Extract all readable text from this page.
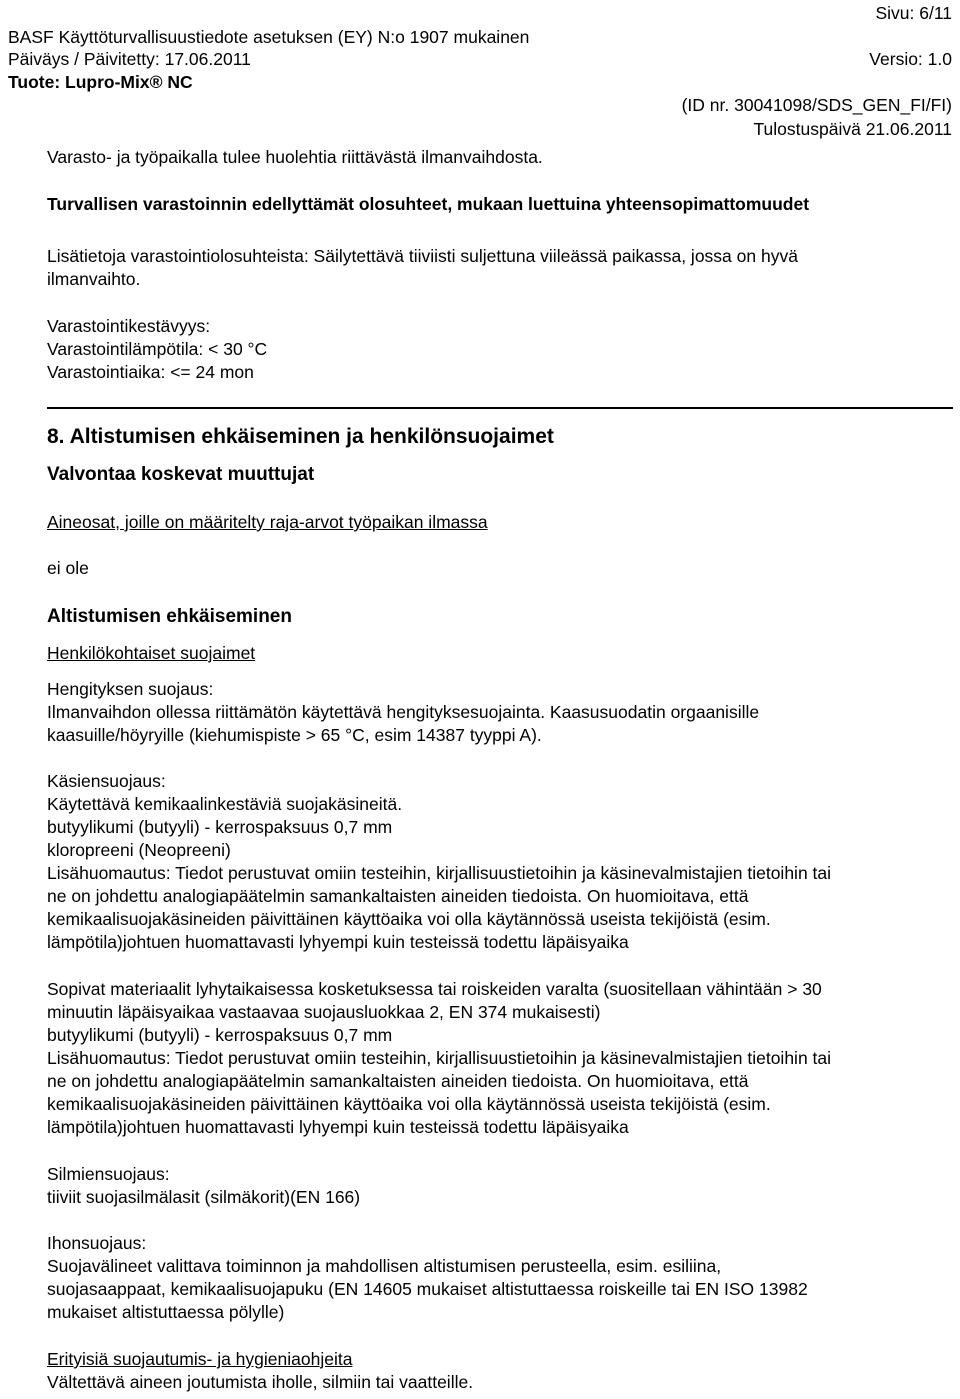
Sivu: 6/11
BASF Käyttöturvallisuustiedote asetuksen (EY) N:o 1907 mukainen
Päiväys / Päivitetty: 17.06.2011	Versio: 1.0
Tuote: Lupro-Mix® NC
(ID nr. 30041098/SDS_GEN_FI/FI)
Tulostuspäivä 21.06.2011
Varasto- ja työpaikalla tulee huolehtia riittävästä ilmanvaihdosta.
Turvallisen varastoinnin edellyttämät olosuhteet, mukaan luettuina yhteensopimattomuudet
Lisätietoja varastointiolosuhteista: Säilytettävä tiiviisti suljettuna viileässä paikassa, jossa on hyvä
ilmanvaihto.
Varastointikestävyys:
Varastointilämpötila: < 30 °C
Varastointiaika: <= 24 mon
8. Altistumisen ehkäiseminen ja henkilönsuojaimet
Valvontaa koskevat muuttujat
Aineosat, joille on määritelty raja-arvot työpaikan ilmassa
ei ole
Altistumisen ehkäiseminen
Henkilökohtaiset suojaimet
Hengityksen suojaus:
Ilmanvaihdon ollessa riittämätön käytettävä hengityksesuojainta. Kaasusuodatin orgaanisille
kaasuille/höyryille (kiehumispiste > 65 °C, esim 14387 tyyppi A).
Käsiensuojaus:
Käytettävä kemikaalinkestäviä suojakäsineitä.
butyylikumi (butyyli) - kerrospaksuus 0,7 mm
kloropreeni (Neopreeni)
Lisähuomautus: Tiedot perustuvat omiin testeihin, kirjallisuustietoihin ja käsinevalmistajien tietoihin tai
ne on johdettu analogiapäätelmin samankaltaisten aineiden tiedoista. On huomioitava, että
kemikaalisuojakäsineiden päivittäinen käyttöaika voi olla käytännössä useista tekijöistä (esim.
lämpötila)johtuen huomattavasti lyhyempi kuin testeissä todettu läpäisyaika
Sopivat materiaalit lyhytaikaisessa kosketuksessa tai roiskeiden varalta (suositellaan vähintään > 30
minuutin läpäisyaikaa vastaavaa suojausluokkaa 2, EN 374 mukaisesti)
butyylikumi (butyyli) - kerrospaksuus 0,7 mm
Lisähuomautus: Tiedot perustuvat omiin testeihin, kirjallisuustietoihin ja käsinevalmistajien tietoihin tai
ne on johdettu analogiapäätelmin samankaltaisten aineiden tiedoista. On huomioitava, että
kemikaalisuojakäsineiden päivittäinen käyttöaika voi olla käytännössä useista tekijöistä (esim.
lämpötila)johtuen huomattavasti lyhyempi kuin testeissä todettu läpäisyaika
Silmiensuojaus:
tiiviit suojasilmälasit (silmäkorit)(EN 166)
Ihonsuojaus:
Suojavälineet valittava toiminnon ja mahdollisen altistumisen perusteella, esim. esiliina,
suojasaappaat, kemikaalisuojapuku (EN 14605 mukaiset altistuttaessa roiskeille tai EN ISO 13982
mukaiset altistuttaessa pölylle)
Erityisiä suojautumis- ja hygieniaohjeita
Vältettävä aineen joutumista iholle, silmiin tai vaatteille.
